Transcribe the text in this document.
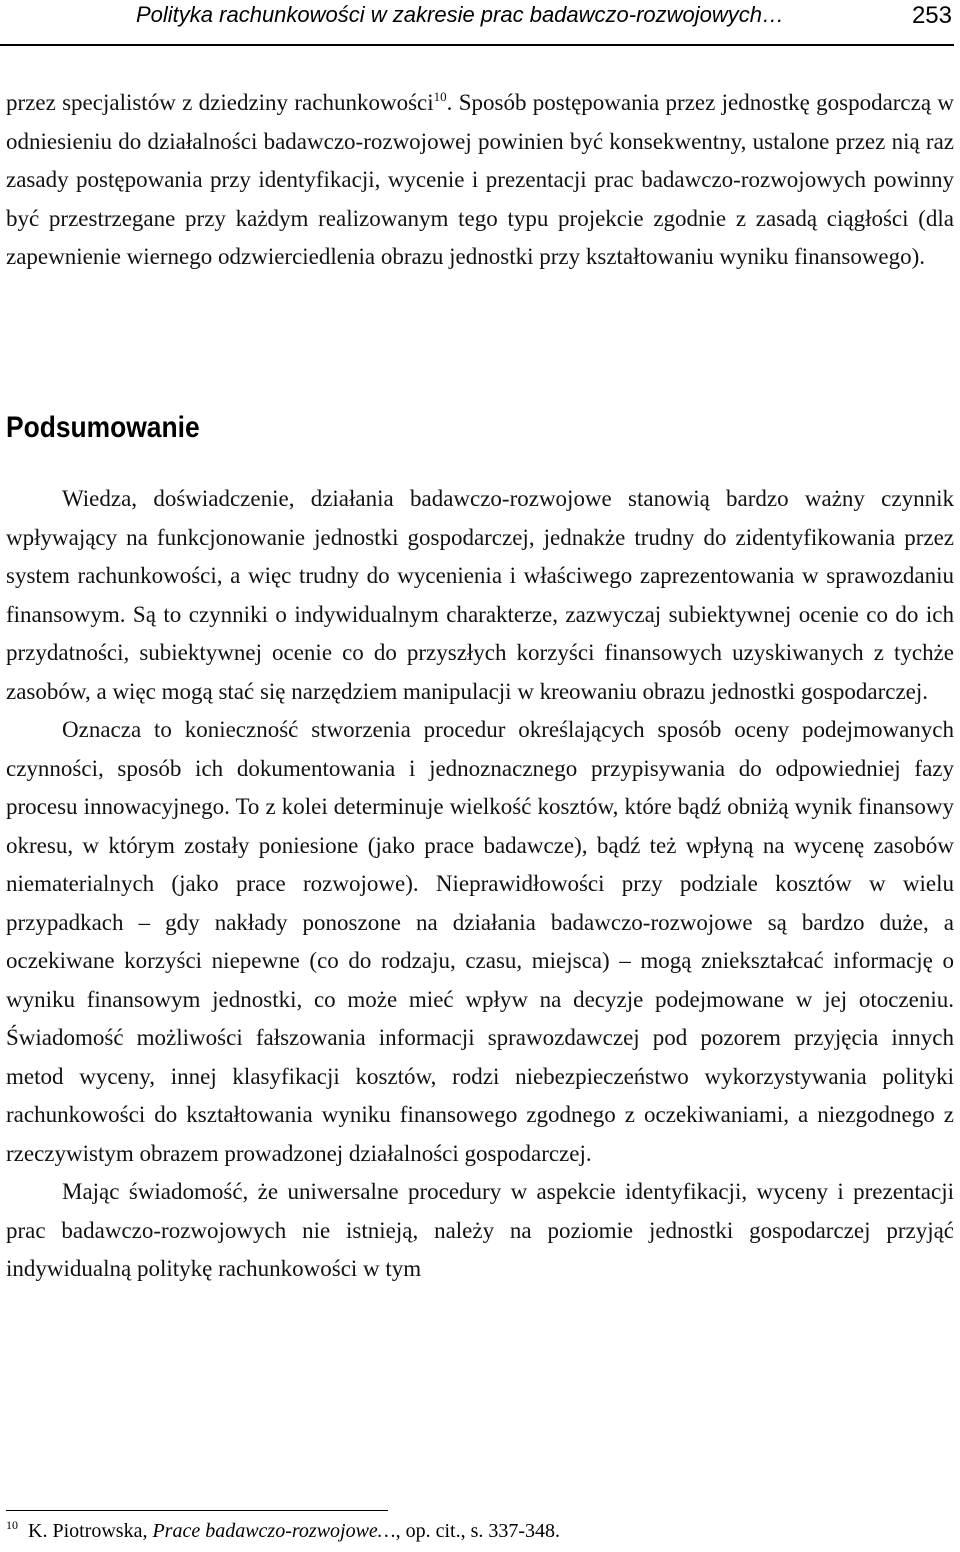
Polityka rachunkowości w zakresie prac badawczo-rozwojowych…	253

przez specjalistów z dziedziny rachunkowości$^{10}$. Sposób postępowania przez jednostkę gospodarczą w odniesieniu do działalności badawczo-rozwojowej powinien być konsekwentny, ustalone przez nią raz zasady postępowania przy identyfikacji, wycenie i prezentacji prac badawczo-rozwojowych powinny być przestrzegane przy każdym realizowanym tego typu projekcie zgodnie z zasadą ciągłości (dla zapewnienie wiernego odzwierciedlenia obrazu jednostki przy kształtowaniu wyniku finansowego).

Podsumowanie

Wiedza, doświadczenie, działania badawczo-rozwojowe stanowią bardzo ważny czynnik wpływający na funkcjonowanie jednostki gospodarczej, jednakże trudny do zidentyfikowania przez system rachunkowości, a więc trudny do wycenienia i właściwego zaprezentowania w sprawozdaniu finansowym. Są to czynniki o indywidualnym charakterze, zazwyczaj subiektywnej ocenie co do ich przydatności, subiektywnej ocenie co do przyszłych korzyści finansowych uzyskiwanych z tychże zasobów, a więc mogą stać się narzędziem manipulacji w kreowaniu obrazu jednostki gospodarczej.

Oznacza to konieczność stworzenia procedur określających sposób oceny podejmowanych czynności, sposób ich dokumentowania i jednoznacznego przypisywania do odpowiedniej fazy procesu innowacyjnego. To z kolei determinuje wielkość kosztów, które bądź obniżą wynik finansowy okresu, w którym zostały poniesione (jako prace badawcze), bądź też wpłyną na wycenę zasobów niematerialnych (jako prace rozwojowe). Nieprawidłowości przy podziale kosztów w wielu przypadkach – gdy nakłady ponoszone na działania badawczo-rozwojowe są bardzo duże, a oczekiwane korzyści niepewne (co do rodzaju, czasu, miejsca) – mogą zniekształcać informację o wyniku finansowym jednostki, co może mieć wpływ na decyzje podejmowane w jej otoczeniu. Świadomość możliwości fałszowania informacji sprawozdawczej pod pozorem przyjęcia innych metod wyceny, innej klasyfikacji kosztów, rodzi niebezpieczeństwo wykorzystywania polityki rachunkowości do kształtowania wyniku finansowego zgodnego z oczekiwaniami, a niezgodnego z rzeczywistym obrazem prowadzonej działalności gospodarczej.

Mając świadomość, że uniwersalne procedury w aspekcie identyfikacji, wyceny i prezentacji prac badawczo-rozwojowych nie istnieją, należy na poziomie jednostki gospodarczej przyjąć indywidualną politykę rachunkowości w tym

$^{10}$ K. Piotrowska, Prace badawczo-rozwojowe…, op. cit., s. 337-348.
